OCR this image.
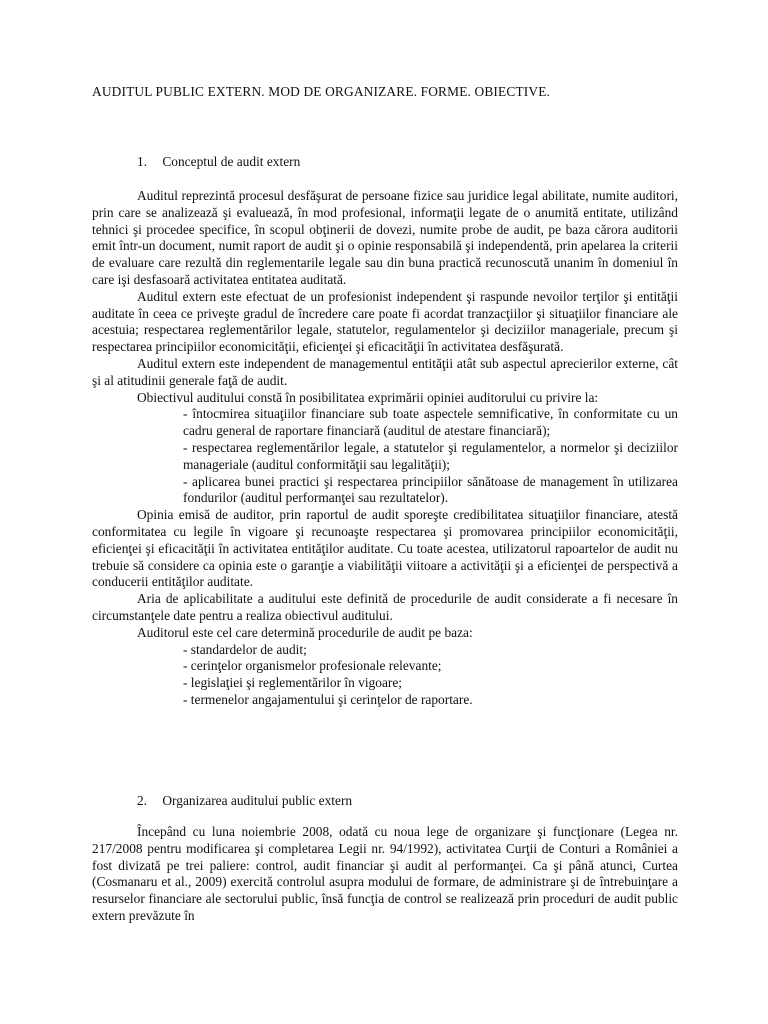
AUDITUL PUBLIC EXTERN. MOD DE ORGANIZARE. FORME. OBIECTIVE.
1. Conceptul de audit extern

Auditul reprezintă procesul desfăşurat de persoane fizice sau juridice legal abilitate, numite auditori, prin care se analizează şi evaluează, în mod profesional, informaţii legate de o anumită entitate, utilizând tehnici şi procedee specifice, în scopul obţinerii de dovezi, numite probe de audit, pe baza cărora auditorii emit într-un document, numit raport de audit şi o opinie responsabilă şi independentă, prin apelarea la criterii de evaluare care rezultă din reglementarile legale sau din buna practică recunoscută unanim în domeniul în care işi desfasoară activitatea entitatea auditată.

Auditul extern este efectuat de un profesionist independent şi raspunde nevoilor terţilor şi entităţii auditate în ceea ce priveşte gradul de încredere care poate fi acordat tranzacţiilor şi situaţiilor financiare ale acestuia; respectarea reglementărilor legale, statutelor, regulamentelor şi deciziilor manageriale, precum şi respectarea principiilor economicităţii, eficienţei şi eficacităţii în activitatea desfăşurată.

Auditul extern este independent de managementul entităţii atât sub aspectul aprecierilor externe, cât şi al atitudinii generale faţă de audit.

Obiectivul auditului constă în posibilitatea exprimării opiniei auditorului cu privire la:

- întocmirea situaţiilor financiare sub toate aspectele semnificative, în conformitate cu un cadru general de raportare financiară (auditul de atestare financiară);
- respectarea reglementărilor legale, a statutelor şi regulamentelor, a normelor şi deciziilor manageriale (auditul conformităţii sau legalităţii);
- aplicarea bunei practici şi respectarea principiilor sănătoase de management în utilizarea fondurilor (auditul performanţei sau rezultatelor).

Opinia emisă de auditor, prin raportul de audit sporeşte credibilitatea situaţiilor financiare, atestă conformitatea cu legile în vigoare şi recunoaşte respectarea şi promovarea principiilor economicităţii, eficienţei şi eficacităţii în activitatea entităţilor auditate. Cu toate acestea, utilizatorul rapoartelor de audit nu trebuie să considere ca opinia este o garanţie a viabilităţii viitoare a activităţii şi a eficienţei de perspectivă a conducerii entităţilor auditate.

Aria de aplicabilitate a auditului este definită de procedurile de audit considerate a fi necesare în circumstanţele date pentru a realiza obiectivul auditului.

Auditorul este cel care determină procedurile de audit pe baza:

- standardelor de audit;
- cerinţelor organismelor profesionale relevante;
- legislaţiei şi reglementărilor în vigoare;
- termenelor angajamentului şi cerinţelor de raportare.
2. Organizarea auditului public extern

Începând cu luna noiembrie 2008, odată cu noua lege de organizare şi funcţionare (Legea nr. 217/2008 pentru modificarea şi completarea Legii nr. 94/1992), activitatea Curţii de Conturi a României a fost divizată pe trei paliere: control, audit financiar şi audit al performanţei. Ca şi până atunci, Curtea (Cosmanaru et al., 2009) exercită controlul asupra modului de formare, de administrare şi de întrebuinţare a resurselor financiare ale sectorului public, însă funcţia de control se realizează prin proceduri de audit public extern prevăzute în
